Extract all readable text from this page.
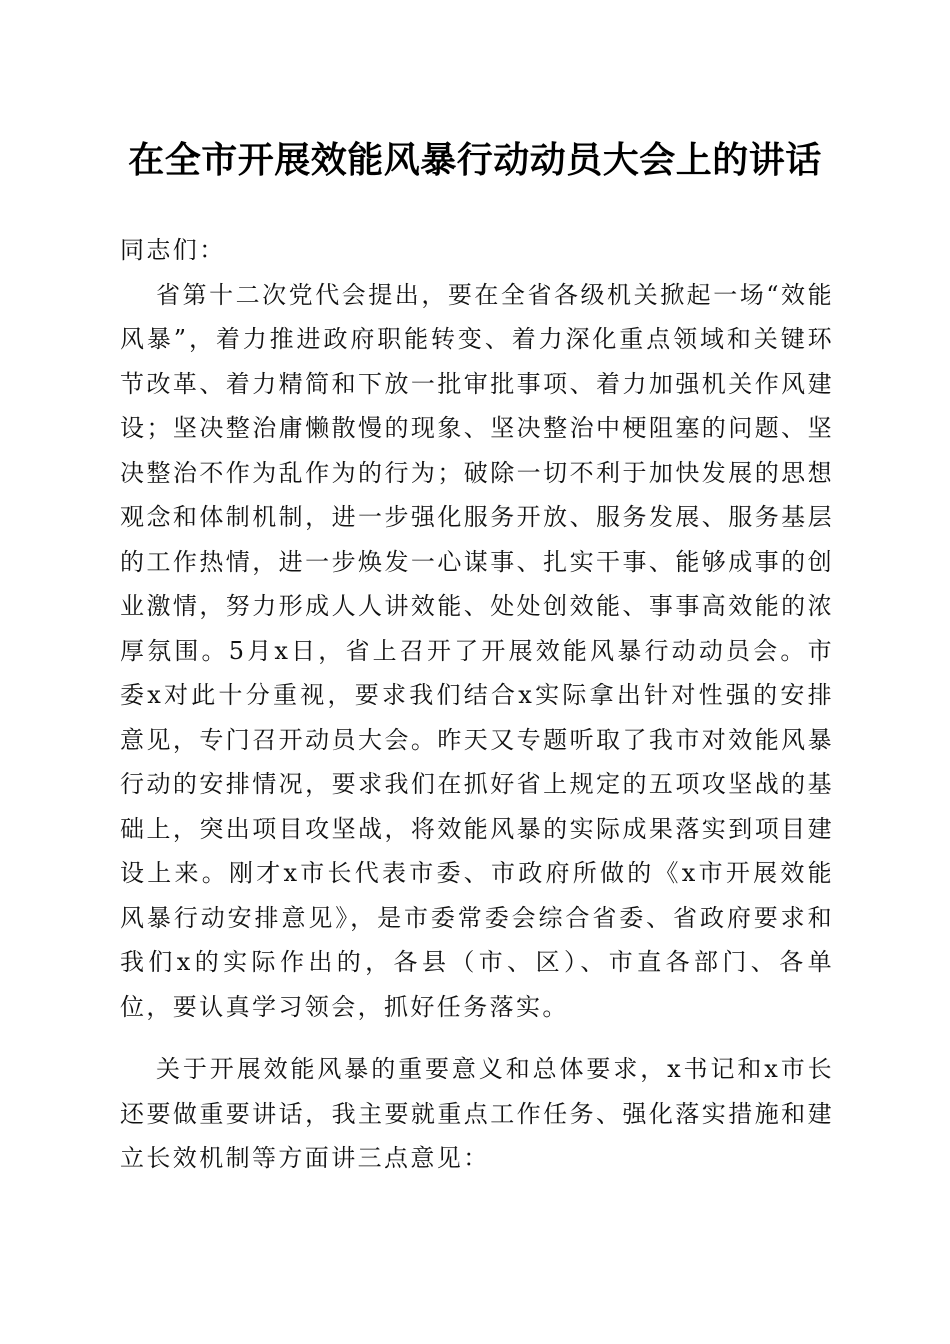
在全市开展效能风暴行动动员大会上的讲话

同志们：

省第十二次党代会提出，要在全省各级机关掀起一场“效能风暴”，着力推进政府职能转变、着力深化重点领域和关键环节改革、着力精简和下放一批审批事项、着力加强机关作风建设；坚决整治庸懒散慢的现象、坚决整治中梗阻塞的问题、坚决整治不作为乱作为的行为；破除一切不利于加快发展的思想观念和体制机制，进一步强化服务开放、服务发展、服务基层的工作热情，进一步焕发一心谋事、扎实干事、能够成事的创业激情，努力形成人人讲效能、处处创效能、事事高效能的浓厚氛围。5月x日，省上召开了开展效能风暴行动动员会。市委x对此十分重视，要求我们结合x实际拿出针对性强的安排意见，专门召开动员大会。昨天又专题听取了我市对效能风暴行动的安排情况，要求我们在抓好省上规定的五项攻坚战的基础上，突出项目攻坚战，将效能风暴的实际成果落实到项目建设上来。刚才x市长代表市委、市政府所做的《x市开展效能风暴行动安排意见》，是市委常委会综合省委、省政府要求和我们x的实际作出的，各县（市、区）、市直各部门、各单位，要认真学习领会，抓好任务落实。

关于开展效能风暴的重要意义和总体要求，x书记和x市长还要做重要讲话，我主要就重点工作任务、强化落实措施和建立长效机制等方面讲三点意见：
